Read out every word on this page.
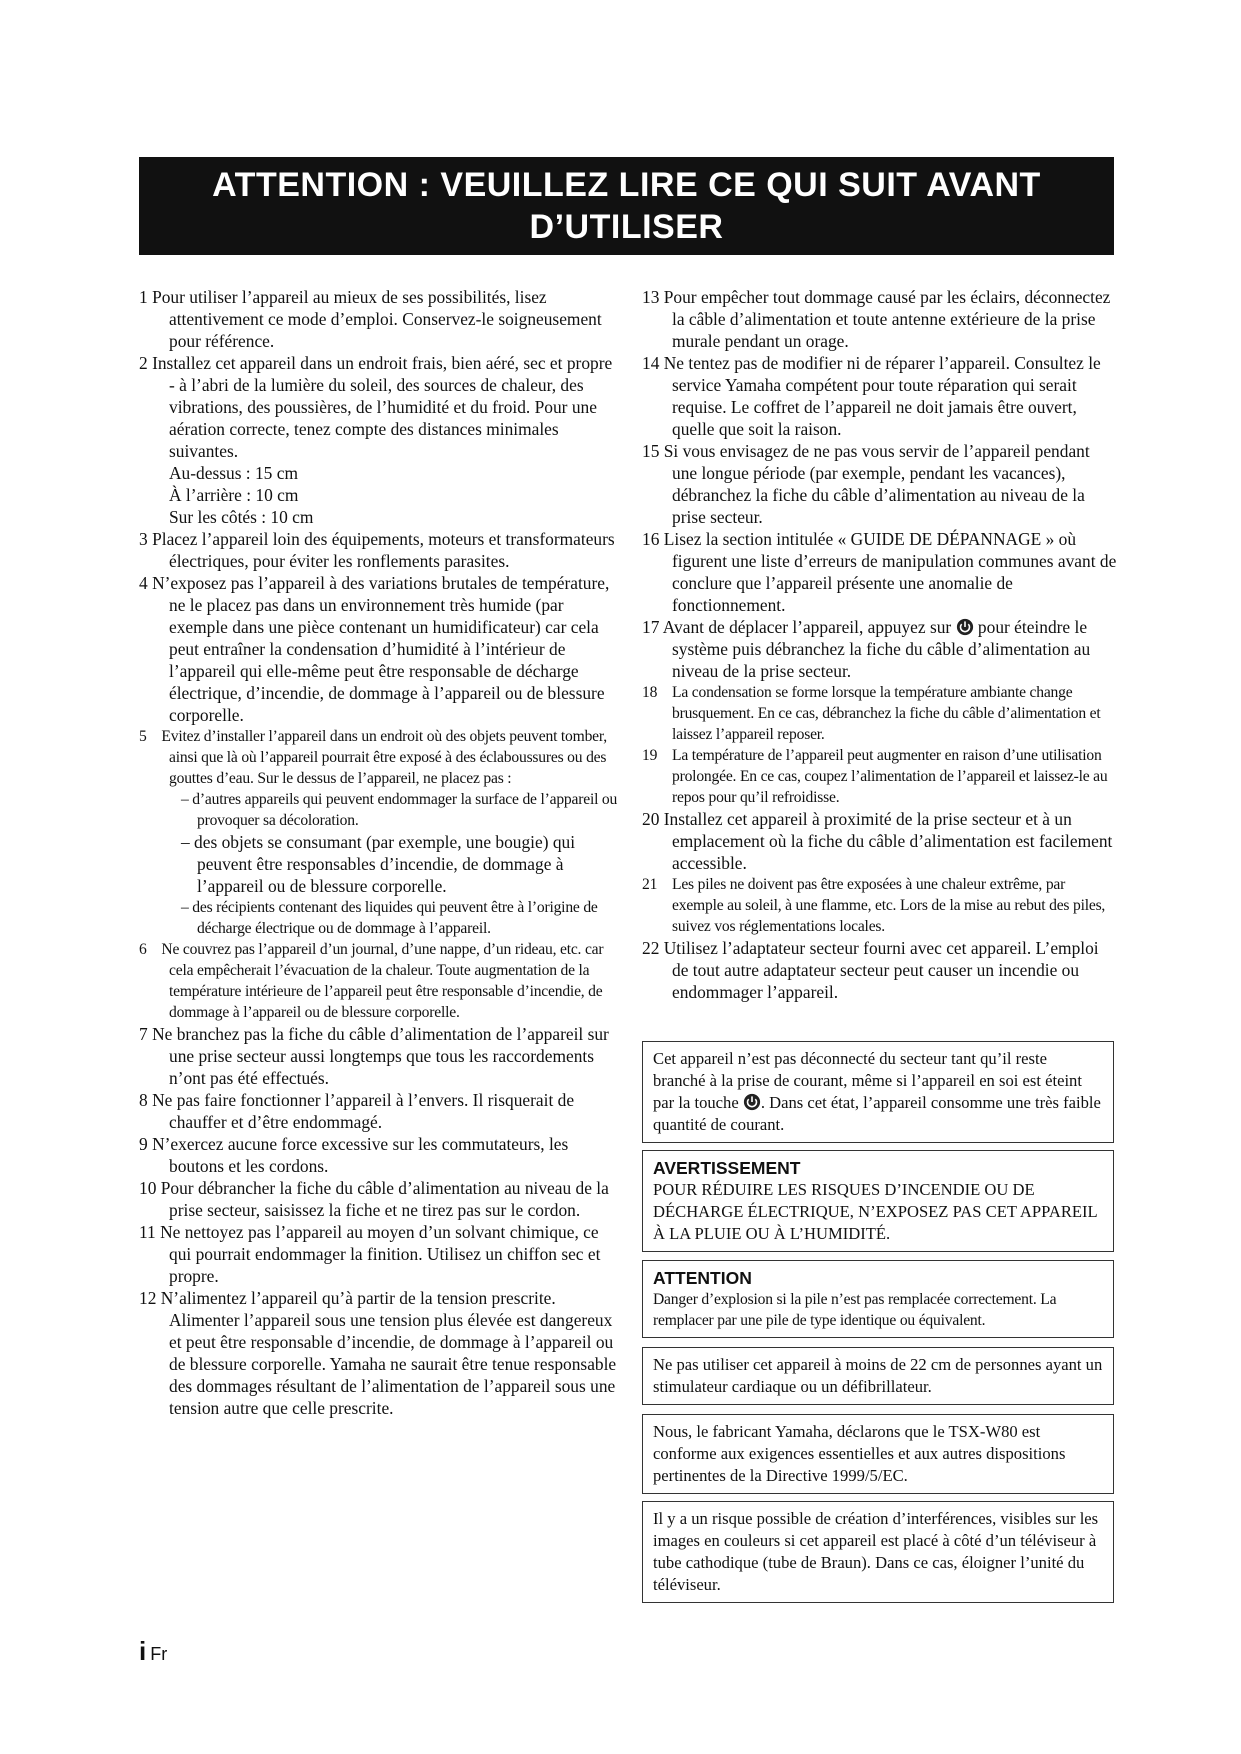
ATTENTION : VEUILLEZ LIRE CE QUI SUIT AVANT D’UTILISER
L’APPAREIL.
1 Pour utiliser l’appareil au mieux de ses possibilités, lisez attentivement ce mode d’emploi. Conservez-le soigneusement pour référence.
2 Installez cet appareil dans un endroit frais, bien aéré, sec et propre - à l’abri de la lumière du soleil, des sources de chaleur, des vibrations, des poussières, de l’humidité et du froid. Pour une aération correcte, tenez compte des distances minimales suivantes.
Au-dessus : 15 cm
À l’arrière : 10 cm
Sur les côtés : 10 cm
3 Placez l’appareil loin des équipements, moteurs et transformateurs électriques, pour éviter les ronflements parasites.
4 N’exposez pas l’appareil à des variations brutales de température, ne le placez pas dans un environnement très humide (par exemple dans une pièce contenant un humidificateur) car cela peut entraîner la condensation d’humidité à l’intérieur de l’appareil qui elle-même peut être responsable de décharge électrique, d’incendie, de dommage à l’appareil ou de blessure corporelle.
5 Evitez d’installer l’appareil dans un endroit où des objets peuvent tomber, ainsi que là où l’appareil pourrait être exposé à des éclaboussures ou des gouttes d’eau. Sur le dessus de l’appareil, ne placez pas :
– d’autres appareils qui peuvent endommager la surface de l’appareil ou provoquer sa décoloration.
– des objets se consumant (par exemple, une bougie) qui peuvent être responsables d’incendie, de dommage à l’appareil ou de blessure corporelle.
– des récipients contenant des liquides qui peuvent être à l’origine de décharge électrique ou de dommage à l’appareil.
6 Ne couvrez pas l’appareil d’un journal, d’une nappe, d’un rideau, etc. car cela empêcherait l’évacuation de la chaleur. Toute augmentation de la température intérieure de l’appareil peut être responsable d’incendie, de dommage à l’appareil ou de blessure corporelle.
7 Ne branchez pas la fiche du câble d’alimentation de l’appareil sur une prise secteur aussi longtemps que tous les raccordements n’ont pas été effectués.
8 Ne pas faire fonctionner l’appareil à l’envers. Il risquerait de chauffer et d’être endommagé.
9 N’exercez aucune force excessive sur les commutateurs, les boutons et les cordons.
10 Pour débrancher la fiche du câble d’alimentation au niveau de la prise secteur, saisissez la fiche et ne tirez pas sur le cordon.
11 Ne nettoyez pas l’appareil au moyen d’un solvant chimique, ce qui pourrait endommager la finition. Utilisez un chiffon sec et propre.
12 N’alimentez l’appareil qu’à partir de la tension prescrite. Alimenter l’appareil sous une tension plus élevée est dangereux et peut être responsable d’incendie, de dommage à l’appareil ou de blessure corporelle. Yamaha ne saurait être tenue responsable des dommages résultant de l’alimentation de l’appareil sous une tension autre que celle prescrite.
13 Pour empêcher tout dommage causé par les éclairs, déconnectez la câble d’alimentation et toute antenne extérieure de la prise murale pendant un orage.
14 Ne tentez pas de modifier ni de réparer l’appareil. Consultez le service Yamaha compétent pour toute réparation qui serait requise. Le coffret de l’appareil ne doit jamais être ouvert, quelle que soit la raison.
15 Si vous envisagez de ne pas vous servir de l’appareil pendant une longue période (par exemple, pendant les vacances), débranchez la fiche du câble d’alimentation au niveau de la prise secteur.
16 Lisez la section intitulée « GUIDE DE DÉPANNAGE » où figurent une liste d’erreurs de manipulation communes avant de conclure que l’appareil présente une anomalie de fonctionnement.
17 Avant de déplacer l’appareil, appuyez sur pour éteindre le système puis débranchez la fiche du câble d’alimentation au niveau de la prise secteur.
18 La condensation se forme lorsque la température ambiante change brusquement. En ce cas, débranchez la fiche du câble d’alimentation et laissez l’appareil reposer.
19 La température de l’appareil peut augmenter en raison d’une utilisation prolongée. En ce cas, coupez l’alimentation de l’appareil et laissez-le au repos pour qu’il refroidisse.
20 Installez cet appareil à proximité de la prise secteur et à un emplacement où la fiche du câble d’alimentation est facilement accessible.
21 Les piles ne doivent pas être exposées à une chaleur extrême, par exemple au soleil, à une flamme, etc. Lors de la mise au rebut des piles, suivez vos réglementations locales.
22 Utilisez l’adaptateur secteur fourni avec cet appareil. L’emploi de tout autre adaptateur secteur peut causer un incendie ou endommager l’appareil.
Cet appareil n’est pas déconnecté du secteur tant qu’il reste branché à la prise de courant, même si l’appareil en soi est éteint par la touche . Dans cet état, l’appareil consomme une très faible quantité de courant.
AVERTISSEMENT
POUR RÉDUIRE LES RISQUES D’INCENDIE OU DE DÉCHARGE ÉLECTRIQUE, N’EXPOSEZ PAS CET APPAREIL À LA PLUIE OU À L’HUMIDITÉ.
ATTENTION
Danger d’explosion si la pile n’est pas remplacée correctement. La remplacer par une pile de type identique ou équivalent.
Ne pas utiliser cet appareil à moins de 22 cm de personnes ayant un stimulateur cardiaque ou un défibrillateur.
Nous, le fabricant Yamaha, déclarons que le TSX-W80 est conforme aux exigences essentielles et aux autres dispositions pertinentes de la Directive 1999/5/EC.
Il y a un risque possible de création d’interférences, visibles sur les images en couleurs si cet appareil est placé à côté d’un téléviseur à tube cathodique (tube de Braun). Dans ce cas, éloigner l’unité du téléviseur.
i Fr
